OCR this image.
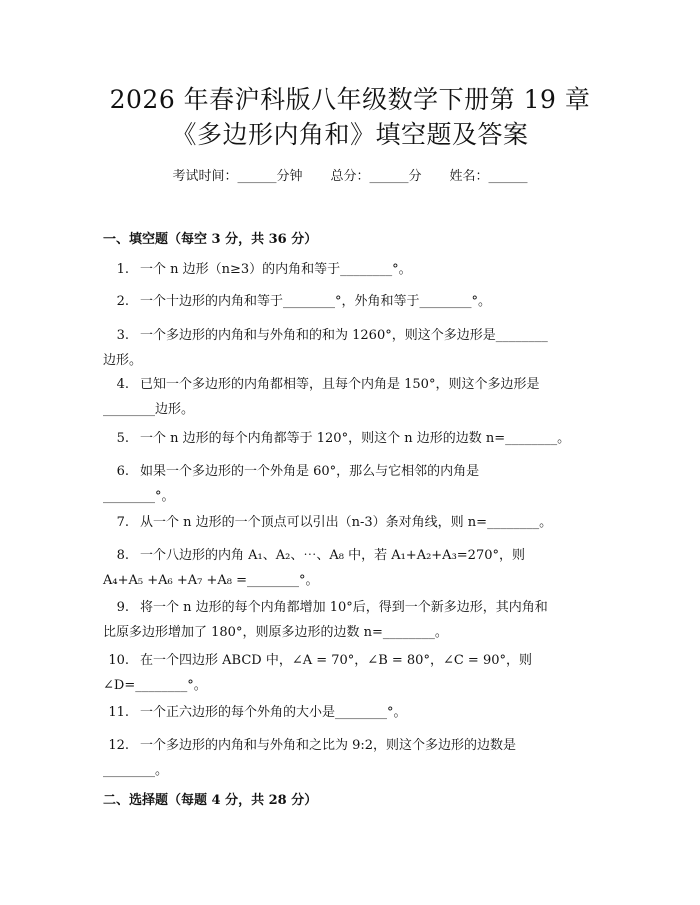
2026 年春沪科版八年级数学下册第 19 章
《多边形内角和》填空题及答案
考试时间：______分钟 总分：______分 姓名：______
一、填空题（每空 3 分，共 36 分）
1. 一个 n 边形（n≥3）的内角和等于________°。
2. 一个十边形的内角和等于________°，外角和等于________°。
3. 一个多边形的内角和与外角和的和为 1260°，则这个多边形是________
边形。
4. 已知一个多边形的内角都相等，且每个内角是 150°，则这个多边形是
________边形。
5. 一个 n 边形的每个内角都等于 120°，则这个 n 边形的边数 n=________。
6. 如果一个多边形的一个外角是 60°，那么与它相邻的内角是
________°。
7. 从一个 n 边形的一个顶点可以引出（n-3）条对角线，则 n=________。
8. 一个八边形的内角 A₁、A₂、⋯、A₈ 中，若 A₁+A₂+A₃=270°，则
A₄+A₅ +A₆ +A₇ +A₈ =________°。
9. 将一个 n 边形的每个内角都增加 10°后，得到一个新多边形，其内角和
比原多边形增加了 180°，则原多边形的边数 n=________。
10. 在一个四边形 ABCD 中，∠A = 70°，∠B = 80°，∠C = 90°，则
∠D=________°。
11. 一个正六边形的每个外角的大小是________°。
12. 一个多边形的内角和与外角和之比为 9:2，则这个多边形的边数是
________。
二、选择题（每题 4 分，共 28 分）
